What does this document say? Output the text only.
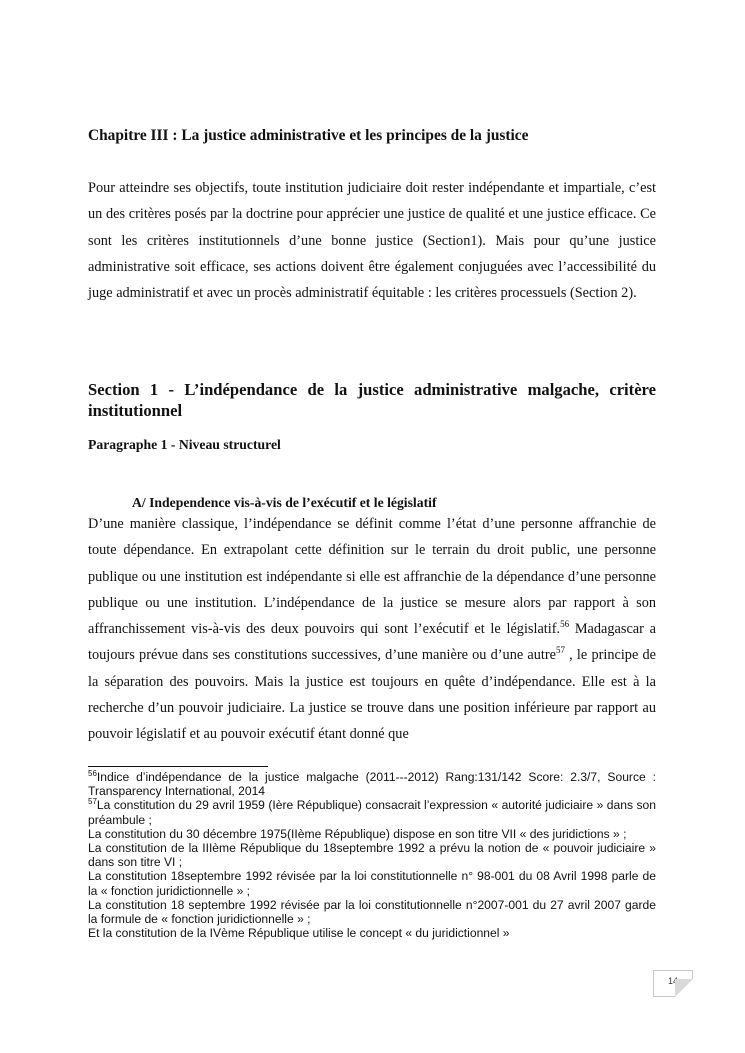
Chapitre III : La justice administrative et les principes de la justice

Pour atteindre ses objectifs, toute institution judiciaire doit rester indépendante et impartiale, c’est un des critères posés par la doctrine pour apprécier une justice de qualité et une justice efficace. Ce sont les critères institutionnels d’une bonne justice (Section1). Mais pour qu’une justice administrative soit efficace, ses actions doivent être également conjuguées avec l’accessibilité du juge administratif et avec un procès administratif équitable : les critères processuels (Section 2).

Section 1 - L’indépendance de la justice administrative malgache, critère institutionnel
Paragraphe 1 - Niveau structurel
A/ Independence vis-à-vis de l’exécutif et le législatif

D’une manière classique, l’indépendance se définit comme l’état d’une personne affranchie de toute dépendance. En extrapolant cette définition sur le terrain du droit public, une personne publique ou une institution est indépendante si elle est affranchie de la dépendance d’une personne publique ou une institution. L’indépendance de la justice se mesure alors par rapport à son affranchissement vis-à-vis des deux pouvoirs qui sont l’exécutif et le législatif.$^{56}$ Madagascar a toujours prévue dans ses constitutions successives, d’une manière ou d’une autre$^{57}$ , le principe de la séparation des pouvoirs. Mais la justice est toujours en quête d’indépendance. Elle est à la recherche d’un pouvoir judiciaire. La justice se trouve dans une position inférieure par rapport au pouvoir législatif et au pouvoir exécutif étant donné que

$^{56}$Indice d’indépendance de la justice malgache (2011---2012) Rang:131/142 Score: 2.3/7, Source : Transparency International, 2014

$^{57}$La constitution du 29 avril 1959 (Ière République) consacrait l’expression « autorité judiciaire » dans son préambule ;

La constitution du 30 décembre 1975(IIème République) dispose en son titre VII « des juridictions » ;

La constitution de la IIIème République du 18septembre 1992 a prévu la notion de « pouvoir judiciaire » dans son titre VI ;

La constitution 18septembre 1992 révisée par la loi constitutionnelle n° 98-001 du 08 Avril 1998 parle de la « fonction juridictionnelle » ;

La constitution 18 septembre 1992 révisée par la loi constitutionnelle n°2007-001 du 27 avril 2007 garde la formule de « fonction juridictionnelle » ;

Et la constitution de la IVème République utilise le concept « du juridictionnel »

14
